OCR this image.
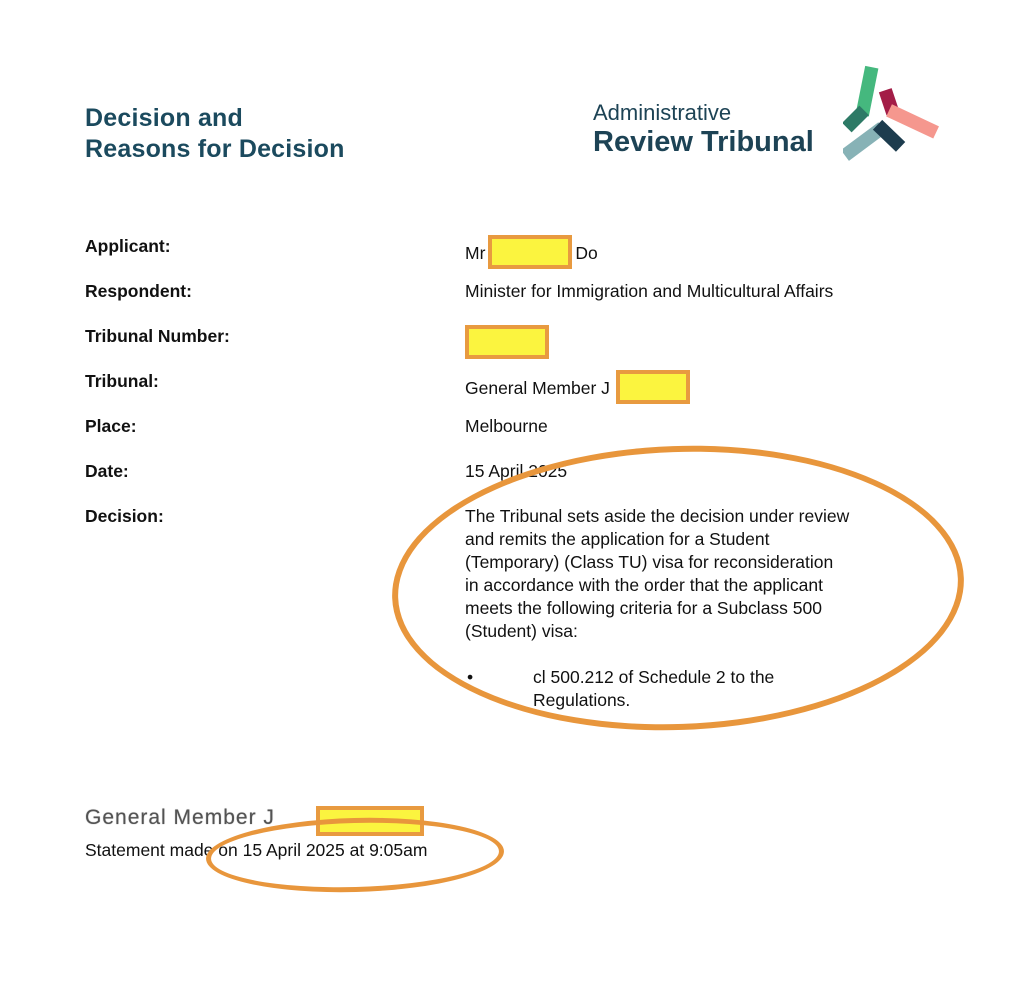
Decision and
Reasons for Decision
Administrative
Review Tribunal
Applicant:	Mr	Do
Respondent:	Minister for Immigration and Multicultural Affairs
Tribunal Number:
Tribunal:	General Member J
Place:	Melbourne
Date:	15 April 2025
Decision:	The Tribunal sets aside the decision under review
and remits the application for a Student
(Temporary) (Class TU) visa for reconsideration
in accordance with the order that the applicant
meets the following criteria for a Subclass 500
(Student) visa:
•	cl 500.212 of Schedule 2 to the
Regulations.
General Member J
Statement made on 15 April 2025 at 9:05am
